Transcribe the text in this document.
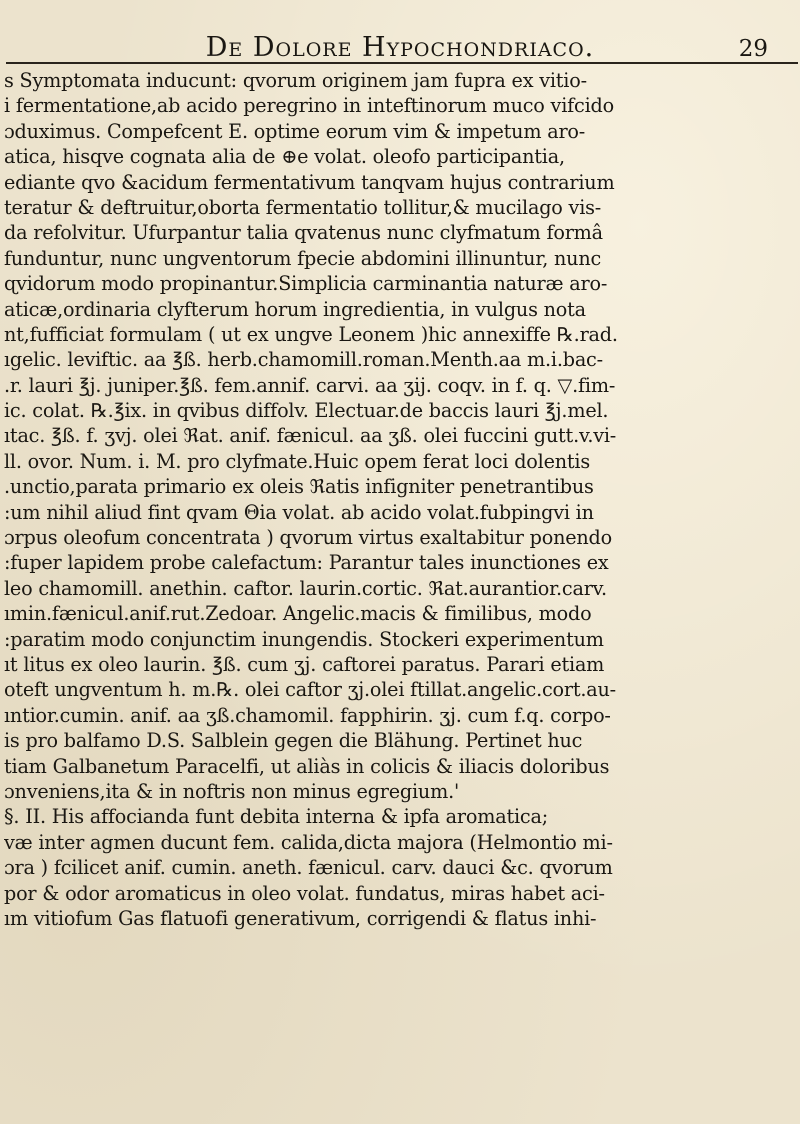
De Dolore Hypochondriaco.	29
s Symptomata inducunt: qvorum originem jam fupra ex vitio-
i fermentatione,ab acido peregrino in inteftinorum muco vifcido
ɔduximus. Compefcent E. optime eorum vim & impetum aro-
atica, hisqve cognata alia de ⊕e volat. oleofo participantia,
ediante qvo &acidum fermentativum tanqvam hujus contrarium
teratur & deftruitur,oborta fermentatio tollitur,& mucilago vis-
da refolvitur. Ufurpantur talia qvatenus nunc clyfmatum formâ
funduntur, nunc ungventorum fpecie abdomini illinuntur, nunc
ɋvidorum modo propinantur.Simplicia carminantia naturæ aro-
aticæ,ordinaria clyfterum horum ingredientia, in vulgus nota
nt,fufficiat formulam ( ut ex ungve Leonem )hic annexiffe ℞.rad.
ıgelic. leviftic. aa ℥ß. herb.chamomill.roman.Menth.aa m.i.bac-
.r. lauri ℥j. juniper.℥ß. fem.annif. carvi. aa ʒij. coqv. in f. q. ▽.fim-
ic. colat. ℞.℥ix. in qvibus diffolv. Electuar.de baccis lauri ℥j.mel.
ıtac. ℥ß. f. ʒvj. olei ℜat. anif. fænicul. aa ʒß. olei fuccini gutt.v.vi-
ll. ovor. Num. i. M. pro clyfmate.Huic opem ferat loci dolentis
.unctio,parata primario ex oleis ℜatis infigniter penetrantibus
:um nihil aliud fint qvam Θia volat. ab acido volat.fubpingvi in
ɔrpus oleofum concentrata ) qvorum virtus exaltabitur ponendo
:fuper lapidem probe calefactum: Parantur tales inunctiones ex
leo chamomill. anethin. caftor. laurin.cortic. ℜat.aurantior.carv.
ımin.fænicul.anif.rut.Zedoar. Angelic.macis & fimilibus, modo
:paratim modo conjunctim inungendis. Stockeri experimentum
ıt litus ex oleo laurin. ℥ß. cum ʒj. caftorei paratus. Parari etiam
oteft ungventum h. m.℞. olei caftor ʒj.olei ftillat.angelic.cort.au-
ıntior.cumin. anif. aa ʒß.chamomil. fapphirin. ʒj. cum f.q. corpo-
is pro balfamo D.S. Salblein gegen die Blähung. Pertinet huc
tiam Galbanetum Paracelfi, ut aliàs in colicis & iliacis doloribus
ɔnveniens,ita & in noftris non minus egregium.'
§. II. His affocianda funt debita interna & ipfa aromatica;
væ inter agmen ducunt fem. calida,dicta majora (Helmontio mi-
ɔra ) fcilicet anif. cumin. aneth. fænicul. carv. dauci &c. qvorum
por & odor aromaticus in oleo volat. fundatus, miras habet aci-
ım vitiofum Gas flatuofi generativum, corrigendi & flatus inhi-
